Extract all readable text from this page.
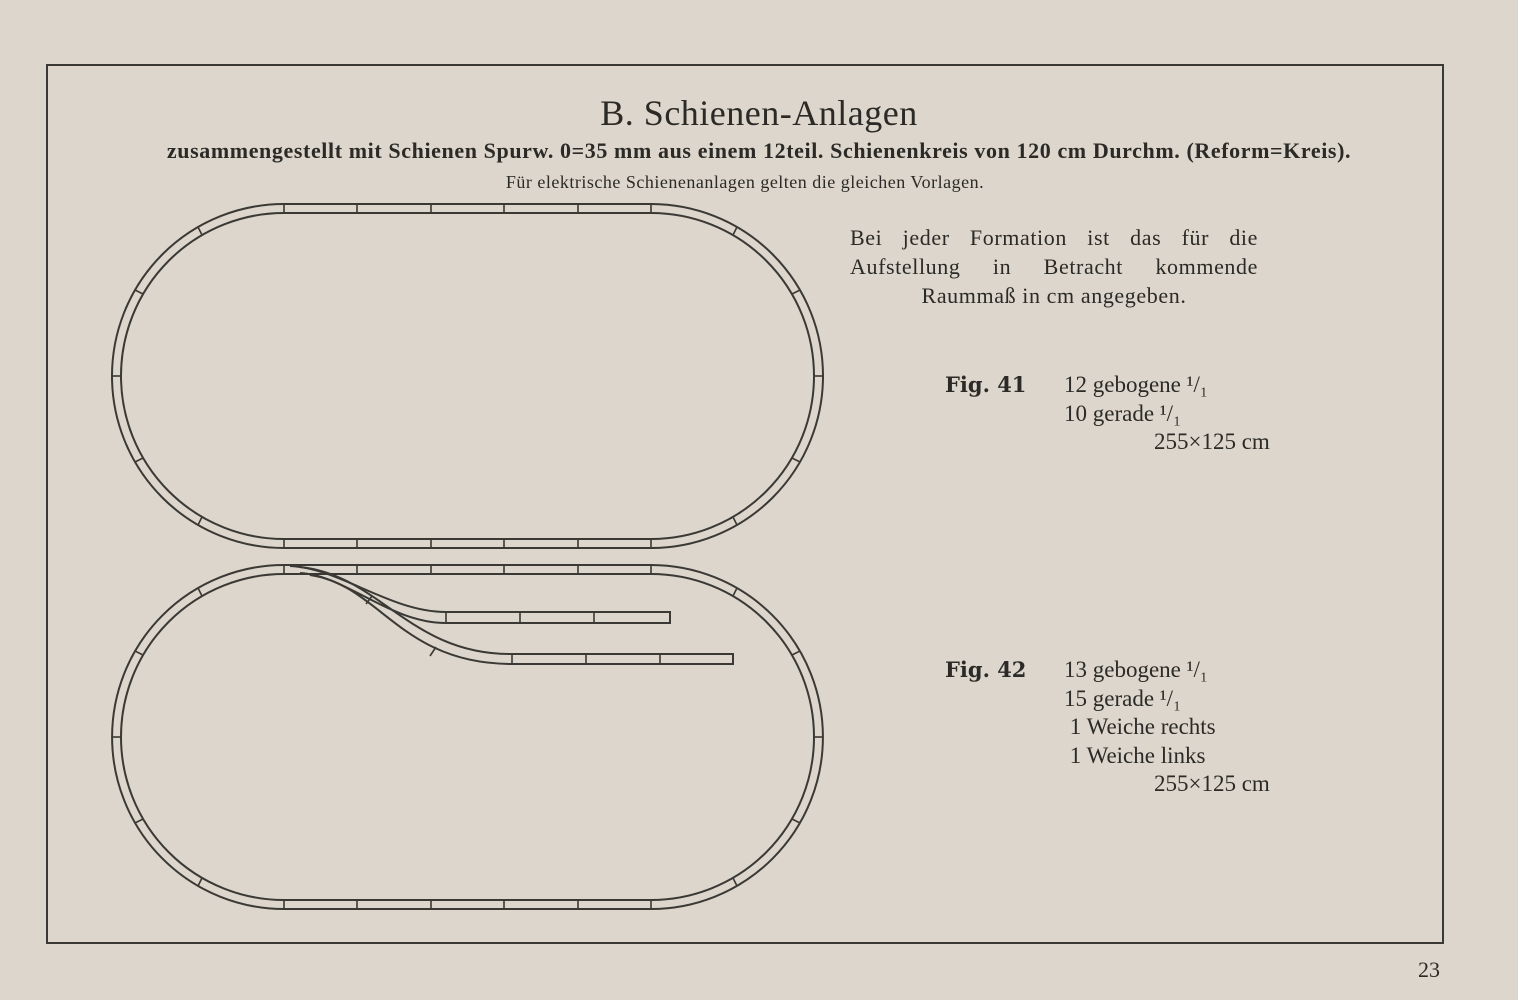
B. Schienen-Anlagen
zusammengestellt mit Schienen Spurw. 0=35 mm aus einem 12teil. Schienenkreis von 120 cm Durchm. (Reform=Kreis).
Für elektrische Schienenanlagen gelten die gleichen Vorlagen.
Bei jeder Formation ist das für die
Aufstellung in Betracht kommende
Raummaß in cm angegeben.
Fig. 41 12 gebogene ¹/₁
10 gerade ¹/₁
255×125 cm
Fig. 42 13 gebogene ¹/₁
15 gerade ¹/₁
1 Weiche rechts
1 Weiche links
255×125 cm
23
